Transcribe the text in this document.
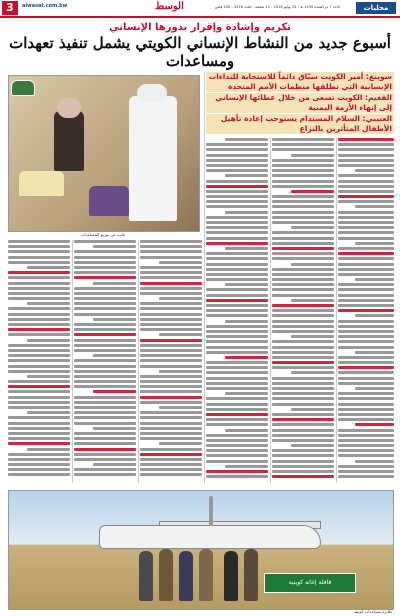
3	alwasat.com.kw	الاحد 7 ذو القعدة 1439 هـ / 15 يوليو 2018 - 12 صفحة - العدد 3218 - 100 فلس
الوسط	محليات
تكريم وإشادة وإقرار بدورها الإنساني
أسبوع جديد من النشاط الإنساني الكويتي يشمل تنفيذ تعهدات ومساعدات
جانب من توزيع المساعدات
سوينغ: أمير الكويت سبّاق دائماً للاستجابة للنداءات الإنسانية التي تطلقها منظمات الأمم المتحدة
الفغيم: الكويت تسعى من خلال عطائها الإنساني إلى إنهاء الأزمة اليمنية
العتيبي: السلام المستدام يستوجب إعادة تأهيل الأطفال المتأثرين بالنزاع
قافلة إغاثة كويتية
طائرة مساعدات كويتية
